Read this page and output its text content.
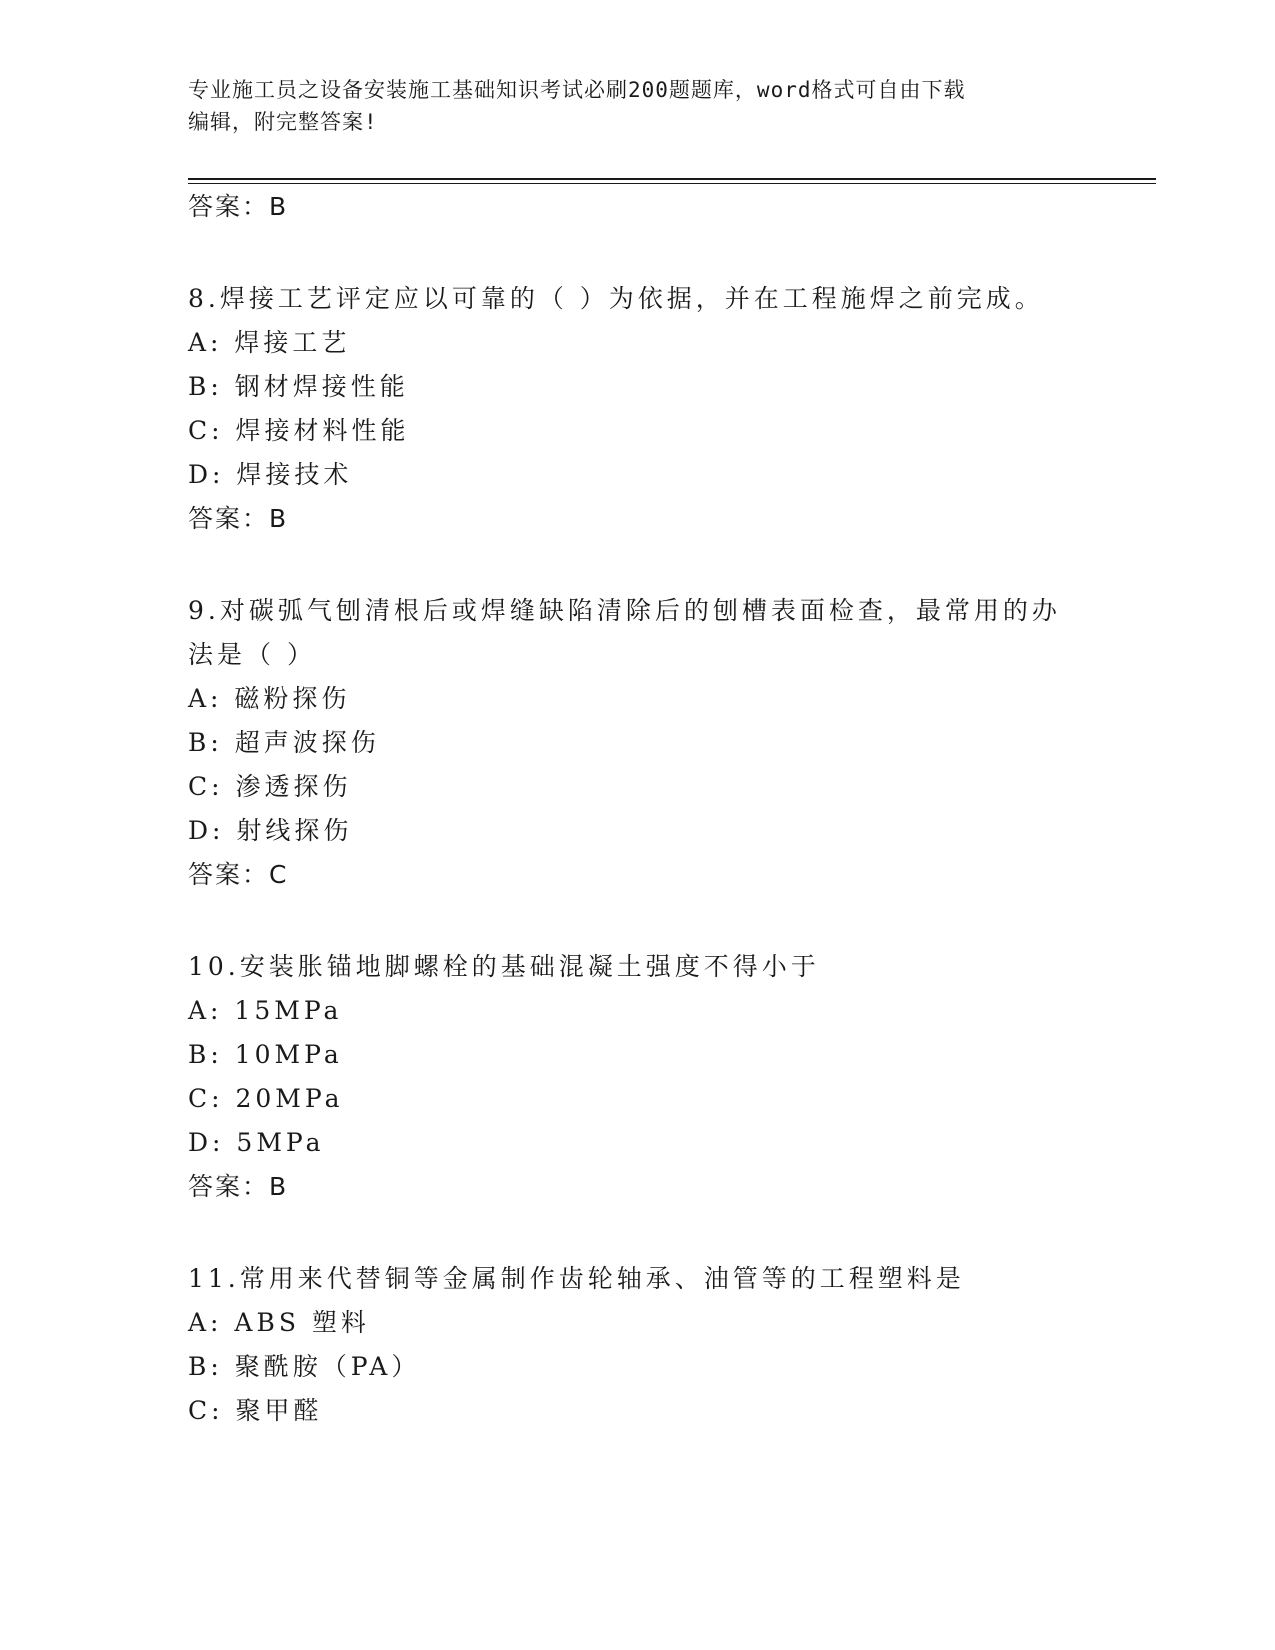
专业施工员之设备安装施工基础知识考试必刷200题题库，word格式可自由下载
编辑，附完整答案!
答案：B
8.焊接工艺评定应以可靠的（ ）为依据，并在工程施焊之前完成。
A: 焊接工艺
B: 钢材焊接性能
C: 焊接材料性能
D: 焊接技术
答案：B
9.对碳弧气刨清根后或焊缝缺陷清除后的刨槽表面检查，最常用的办
法是（ ）
A: 磁粉探伤
B: 超声波探伤
C: 渗透探伤
D: 射线探伤
答案：C
10.安装胀锚地脚螺栓的基础混凝土强度不得小于
A: 15MPa
B: 10MPa
C: 20MPa
D: 5MPa
答案：B
11.常用来代替铜等金属制作齿轮轴承、油管等的工程塑料是
A: ABS 塑料
B: 聚酰胺（PA）
C: 聚甲醛
